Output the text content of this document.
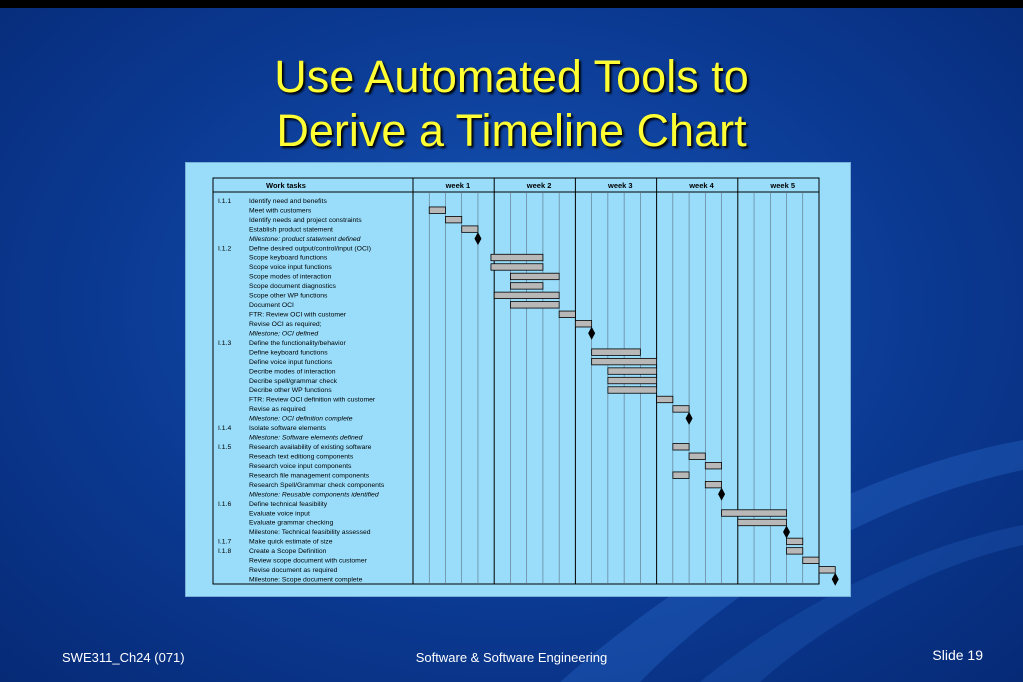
Use Automated Tools to
Derive a Timeline Chart
Work tasks	week 1	week 2	week 3	week 4	week 5
I.1.1	Identify need and benefits
Meet with customers
Identify needs and project constraints
Establish product statement
Milestone: product statement defined
I.1.2	Define desired output/control/input (OCI)
Scope keyboard functions
Scope voice input functions
Scope modes of interaction
Scope document diagnostics
Scope other WP functions
Document OCI
FTR: Review OCI with customer
Revise OCI as required;
Milestone; OCI defined
I.1.3	Define the functionality/behavior
Define keyboard functions
Define voice input functions
Decribe modes of interaction
Decribe spell/grammar check
Decribe other WP functions
FTR: Review OCI definition with customer
Revise as required
Milestone: OCI definition complete
I.1.4	Isolate software elements
Milestone: Software elements defined
I.1.5	Research availability of existing software
Reseach text editiong components
Research voice input components
Research file management components
Research Spell/Grammar check components
Milestone: Reusable components identified
I.1.6	Define technical feasibility
Evaluate voice input
Evaluate grammar checking
Milestone: Technical feasibility assessed
I.1.7	Make quick estimate of size
I.1.8	Create a Scope Definition
Review scope document with customer
Revise document as required
Milestone: Scope document complete
SWE311_Ch24 (071)	Software & Software Engineering	Slide 19
